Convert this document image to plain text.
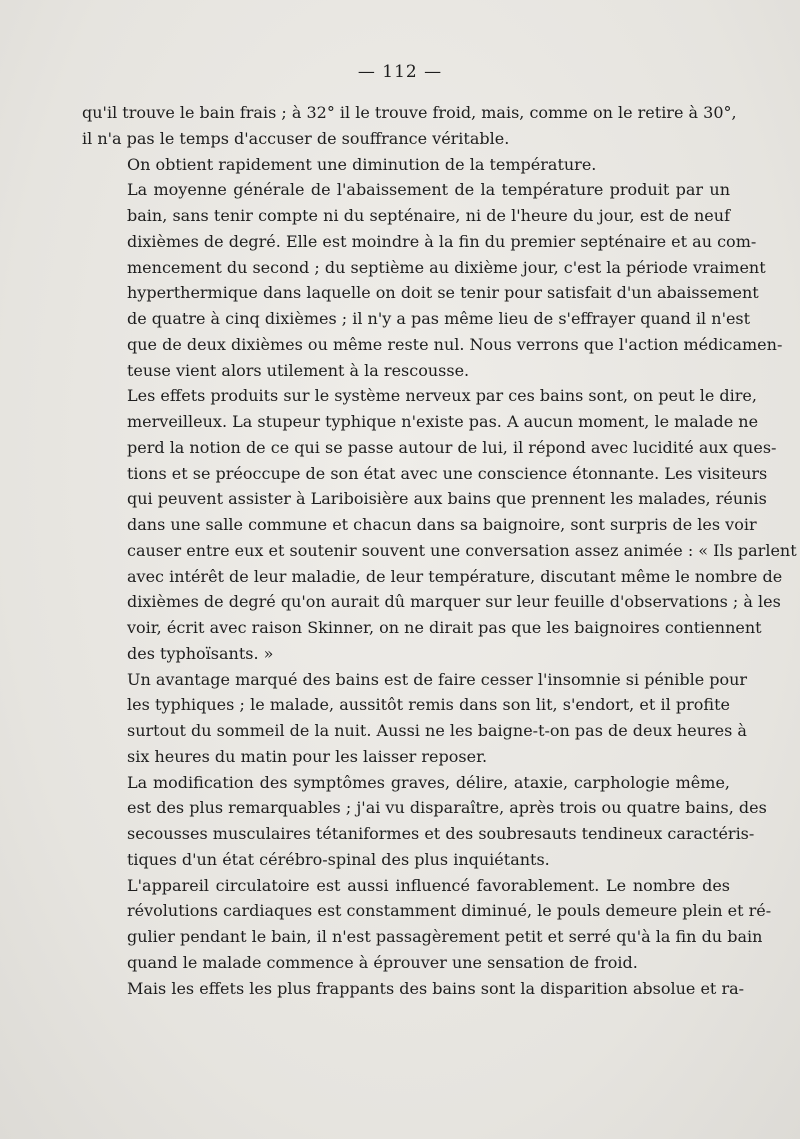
— 112 —

qu'il trouve le bain frais ; à 32° il le trouve froid, mais, comme on le retire à 30°,
il n'a pas le temps d'accuser de souffrance véritable.

On obtient rapidement une diminution de la température.

La moyenne générale de l'abaissement de la température produit par un
bain, sans tenir compte ni du septénaire, ni de l'heure du jour, est de neuf
dixièmes de degré. Elle est moindre à la fin du premier septénaire et au com-
mencement du second ; du septième au dixième jour, c'est la période vraiment
hyperthermique dans laquelle on doit se tenir pour satisfait d'un abaissement
de quatre à cinq dixièmes ; il n'y a pas même lieu de s'effrayer quand il n'est
que de deux dixièmes ou même reste nul. Nous verrons que l'action médicamen-
teuse vient alors utilement à la rescousse.

Les effets produits sur le système nerveux par ces bains sont, on peut le dire,
merveilleux. La stupeur typhique n'existe pas. A aucun moment, le malade ne
perd la notion de ce qui se passe autour de lui, il répond avec lucidité aux ques-
tions et se préoccupe de son état avec une conscience étonnante. Les visiteurs
qui peuvent assister à Lariboisière aux bains que prennent les malades, réunis
dans une salle commune et chacun dans sa baignoire, sont surpris de les voir
causer entre eux et soutenir souvent une conversation assez animée : « Ils parlent
avec intérêt de leur maladie, de leur température, discutant même le nombre de
dixièmes de degré qu'on aurait dû marquer sur leur feuille d'observations ; à les
voir, écrit avec raison Skinner, on ne dirait pas que les baignoires contiennent
des typhoïsants. »

Un avantage marqué des bains est de faire cesser l'insomnie si pénible pour
les typhiques ; le malade, aussitôt remis dans son lit, s'endort, et il profite
surtout du sommeil de la nuit. Aussi ne les baigne-t-on pas de deux heures à
six heures du matin pour les laisser reposer.

La modification des symptômes graves, délire, ataxie, carphologie même,
est des plus remarquables ; j'ai vu disparaître, après trois ou quatre bains, des
secousses musculaires tétaniformes et des soubresauts tendineux caractéris-
tiques d'un état cérébro-spinal des plus inquiétants.

L'appareil circulatoire est aussi influencé favorablement. Le nombre des
révolutions cardiaques est constamment diminué, le pouls demeure plein et ré-
gulier pendant le bain, il n'est passagèrement petit et serré qu'à la fin du bain
quand le malade commence à éprouver une sensation de froid.

Mais les effets les plus frappants des bains sont la disparition absolue et ra-
